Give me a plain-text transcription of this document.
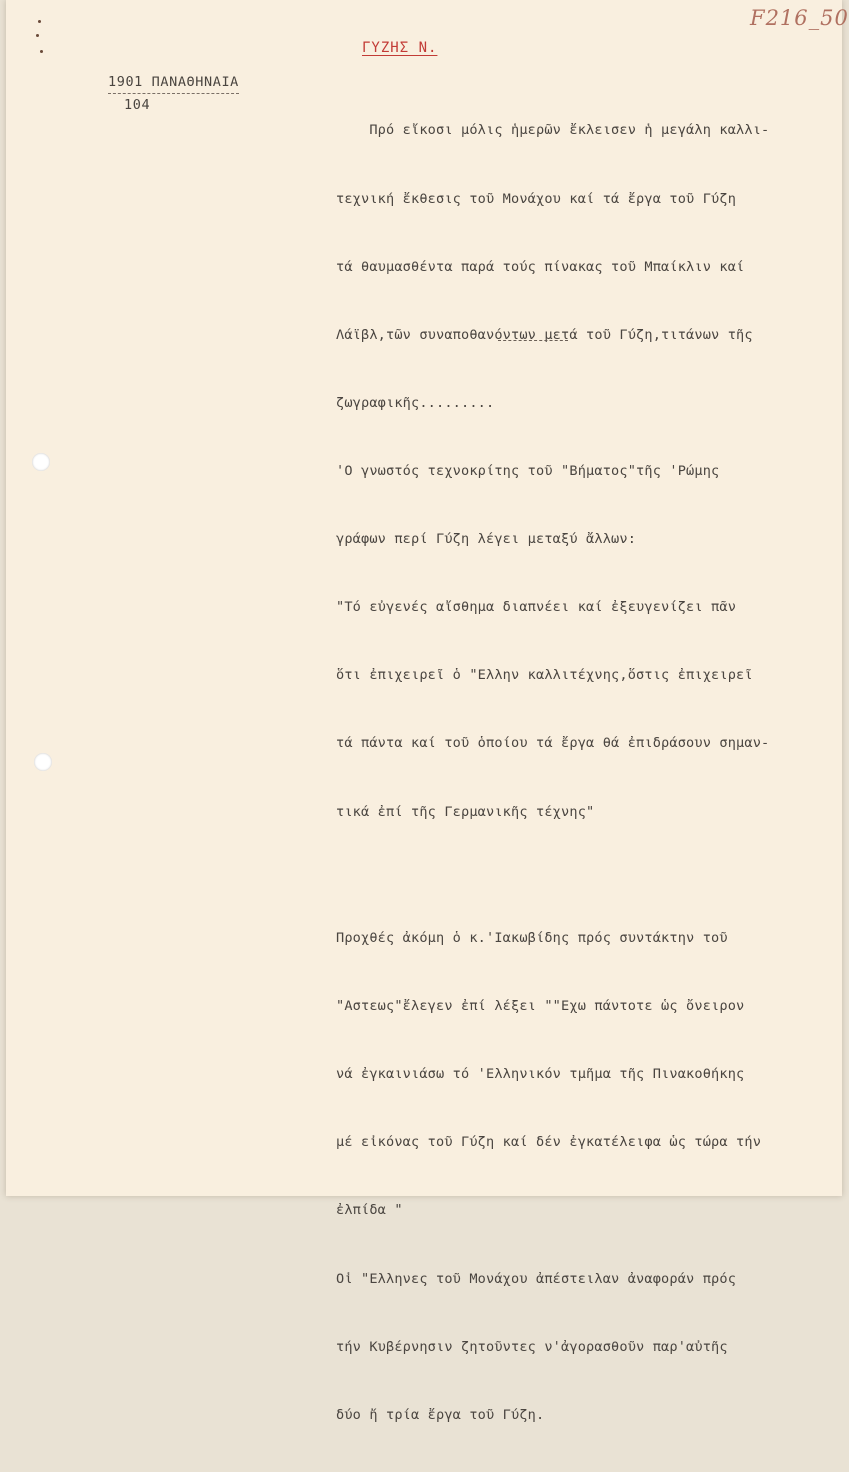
F216_50
1901 ΠΑΝΑΘΗΝΑΙΑ
104
ΓΥΖΗΣ Ν.

Πρό εἴκοσι μόλις ἡμερῶν ἔκλεισεν ἡ μεγάλη καλλι-

τεχνική ἔκθεσις τοῦ Μονάχου καί τά ἔργα τοῦ Γύζη

τά θαυμασθέντα παρά τούς πίνακας τοῦ Μπαίκλιν καί

Λάϊβλ,τῶν συναποθανόντων μετά τοῦ Γύζη,τιτάνων τῆς

ζωγραφικῆς.........

'Ο γνωστός τεχνοκρίτης τοῦ "Βήματος"τῆς 'Ρώμης

γράφων περί Γύζη λέγει μεταξύ ἄλλων:

"Τό εὐγενές αἴσθημα διαπνέει καί ἐξευγενίζει πᾶν

ὅτι ἐπιχειρεῖ ὁ "Ελλην καλλιτέχνης,ὅστις ἐπιχειρεῖ

τά πάντα καί τοῦ ὁποίου τά ἔργα θά ἐπιδράσουν σημαν-

τικά ἐπί τῆς Γερμανικῆς τέχνης"

Προχθές ἀκόμη ὁ κ.'Ιακωβίδης πρός συντάκτην τοῦ

"Αστεως"ἔλεγεν ἐπί λέξει ""Εχω πάντοτε ὡς ὄνειρον

νά ἐγκαινιάσω τό 'Ελληνικόν τμῆμα τῆς Πινακοθήκης

μέ εἰκόνας τοῦ Γύζη καί δέν ἐγκατέλειφα ὡς τώρα τήν

ἐλπίδα "

Οἱ "Ελληνες τοῦ Μονάχου ἀπέστειλαν ἀναφοράν πρός

τήν Κυβέρνησιν ζητοῦντες ν'ἀγορασθοῦν παρ'αὐτῆς

δύο ἤ τρία ἔργα τοῦ Γύζη.
